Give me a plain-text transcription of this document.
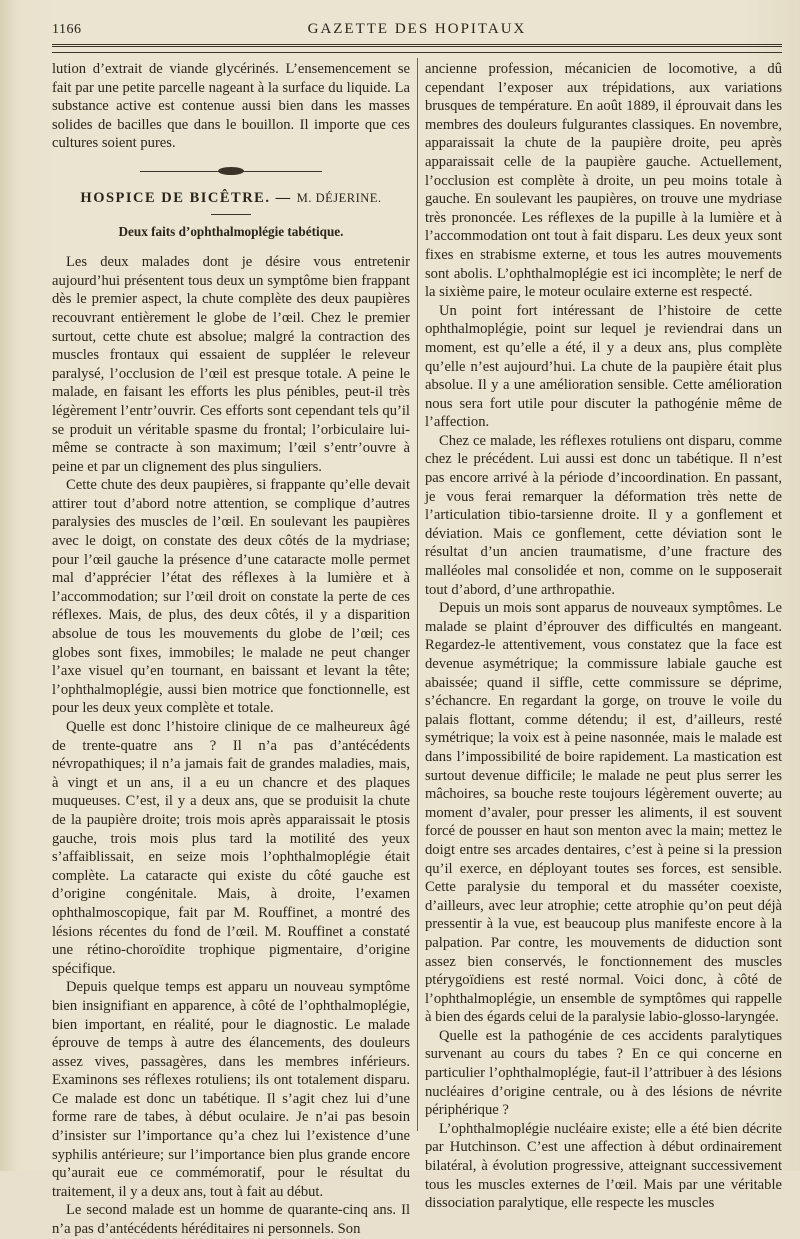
1166	GAZETTE DES HOPITAUX

lution d’extrait de viande glycérinés. L’ensemencement se fait par une petite parcelle nageant à la surface du liquide. La substance active est contenue aussi bien dans les masses solides de bacilles que dans le bouillon. Il importe que ces cultures soient pures.

HOSPICE DE BICÊTRE. — M. DÉJERINE.
Deux faits d’ophthalmoplégie tabétique.

Les deux malades dont je désire vous entretenir aujourd’hui présentent tous deux un symptôme bien frappant dès le premier aspect, la chute complète des deux paupières recouvrant entièrement le globe de l’œil. Chez le premier surtout, cette chute est absolue; malgré la contraction des muscles frontaux qui essaient de suppléer le releveur paralysé, l’occlusion de l’œil est presque totale. A peine le malade, en faisant les efforts les plus pénibles, peut-il très légèrement l’entr’ouvrir. Ces efforts sont cependant tels qu’il se produit un véritable spasme du frontal; l’orbiculaire lui-même se contracte à son maximum; l’œil s’entr’ouvre à peine et par un clignement des plus singuliers.

Cette chute des deux paupières, si frappante qu’elle devait attirer tout d’abord notre attention, se complique d’autres paralysies des muscles de l’œil. En soulevant les paupières avec le doigt, on constate des deux côtés de la mydriase; pour l’œil gauche la présence d’une cataracte molle permet mal d’apprécier l’état des réflexes à la lumière et à l’accommodation; sur l’œil droit on constate la perte de ces réflexes. Mais, de plus, des deux côtés, il y a disparition absolue de tous les mouvements du globe de l’œil; ces globes sont fixes, immobiles; le malade ne peut changer l’axe visuel qu’en tournant, en baissant et levant la tête; l’ophthalmoplégie, aussi bien motrice que fonctionnelle, est pour les deux yeux complète et totale.

Quelle est donc l’histoire clinique de ce malheureux âgé de trente-quatre ans ? Il n’a pas d’antécédents névropathiques; il n’a jamais fait de grandes maladies, mais, à vingt et un ans, il a eu un chancre et des plaques muqueuses. C’est, il y a deux ans, que se produisit la chute de la paupière droite; trois mois après apparaissait le ptosis gauche, trois mois plus tard la motilité des yeux s’affaiblissait, en seize mois l’ophthalmoplégie était complète. La cataracte qui existe du côté gauche est d’origine congénitale. Mais, à droite, l’examen ophthalmoscopique, fait par M. Rouffinet, a montré des lésions récentes du fond de l’œil. M. Rouffinet a constaté une rétino-choroïdite trophique pigmentaire, d’origine spécifique.

Depuis quelque temps est apparu un nouveau symptôme bien insignifiant en apparence, à côté de l’ophthalmoplégie, bien important, en réalité, pour le diagnostic. Le malade éprouve de temps à autre des élancements, des douleurs assez vives, passagères, dans les membres inférieurs. Examinons ses réflexes rotuliens; ils ont totalement disparu. Ce malade est donc un tabétique. Il s’agit chez lui d’une forme rare de tabes, à début oculaire. Je n’ai pas besoin d’insister sur l’importance qu’a chez lui l’existence d’une syphilis antérieure; sur l’importance bien plus grande encore qu’aurait eue ce commémoratif, pour le résultat du traitement, il y a deux ans, tout à fait au début.

Le second malade est un homme de quarante-cinq ans. Il n’a pas d’antécédents héréditaires ni personnels. Son

ancienne profession, mécanicien de locomotive, a dû cependant l’exposer aux trépidations, aux variations brusques de température. En août 1889, il éprouvait dans les membres des douleurs fulgurantes classiques. En novembre, apparaissait la chute de la paupière droite, peu après apparaissait celle de la paupière gauche. Actuellement, l’occlusion est complète à droite, un peu moins totale à gauche. En soulevant les paupières, on trouve une mydriase très prononcée. Les réflexes de la pupille à la lumière et à l’accommodation ont tout à fait disparu. Les deux yeux sont fixes en strabisme externe, et tous les autres mouvements sont abolis. L’ophthalmoplégie est ici incomplète; le nerf de la sixième paire, le moteur oculaire externe est respecté.

Un point fort intéressant de l’histoire de cette ophthalmoplégie, point sur lequel je reviendrai dans un moment, est qu’elle a été, il y a deux ans, plus complète qu’elle n’est aujourd’hui. La chute de la paupière était plus absolue. Il y a une amélioration sensible. Cette amélioration nous sera fort utile pour discuter la pathogénie même de l’affection.

Chez ce malade, les réflexes rotuliens ont disparu, comme chez le précédent. Lui aussi est donc un tabétique. Il n’est pas encore arrivé à la période d’incoordination. En passant, je vous ferai remarquer la déformation très nette de l’articulation tibio-tarsienne droite. Il y a gonflement et déviation. Mais ce gonflement, cette déviation sont le résultat d’un ancien traumatisme, d’une fracture des malléoles mal consolidée et non, comme on le supposerait tout d’abord, d’une arthropathie.

Depuis un mois sont apparus de nouveaux symptômes. Le malade se plaint d’éprouver des difficultés en mangeant. Regardez-le attentivement, vous constatez que la face est devenue asymétrique; la commissure labiale gauche est abaissée; quand il siffle, cette commissure se déprime, s’échancre. En regardant la gorge, on trouve le voile du palais flottant, comme détendu; il est, d’ailleurs, resté symétrique; la voix est à peine nasonnée, mais le malade est dans l’impossibilité de boire rapidement. La mastication est surtout devenue difficile; le malade ne peut plus serrer les mâchoires, sa bouche reste toujours légèrement ouverte; au moment d’avaler, pour presser les aliments, il est souvent forcé de pousser en haut son menton avec la main; mettez le doigt entre ses arcades dentaires, c’est à peine si la pression qu’il exerce, en déployant toutes ses forces, est sensible. Cette paralysie du temporal et du masséter coexiste, d’ailleurs, avec leur atrophie; cette atrophie qu’on peut déjà pressentir à la vue, est beaucoup plus manifeste encore à la palpation. Par contre, les mouvements de diduction sont assez bien conservés, le fonctionnement des muscles ptérygoïdiens est resté normal. Voici donc, à côté de l’ophthalmoplégie, un ensemble de symptômes qui rappelle à bien des égards celui de la paralysie labio-glosso-laryngée.

Quelle est la pathogénie de ces accidents paralytiques survenant au cours du tabes ? En ce qui concerne en particulier l’ophthalmoplégie, faut-il l’attribuer à des lésions nucléaires d’origine centrale, ou à des lésions de névrite périphérique ?

L’ophthalmoplégie nucléaire existe; elle a été bien décrite par Hutchinson. C’est une affection à début ordinairement bilatéral, à évolution progressive, atteignant successivement tous les muscles externes de l’œil. Mais par une véritable dissociation paralytique, elle respecte les muscles
